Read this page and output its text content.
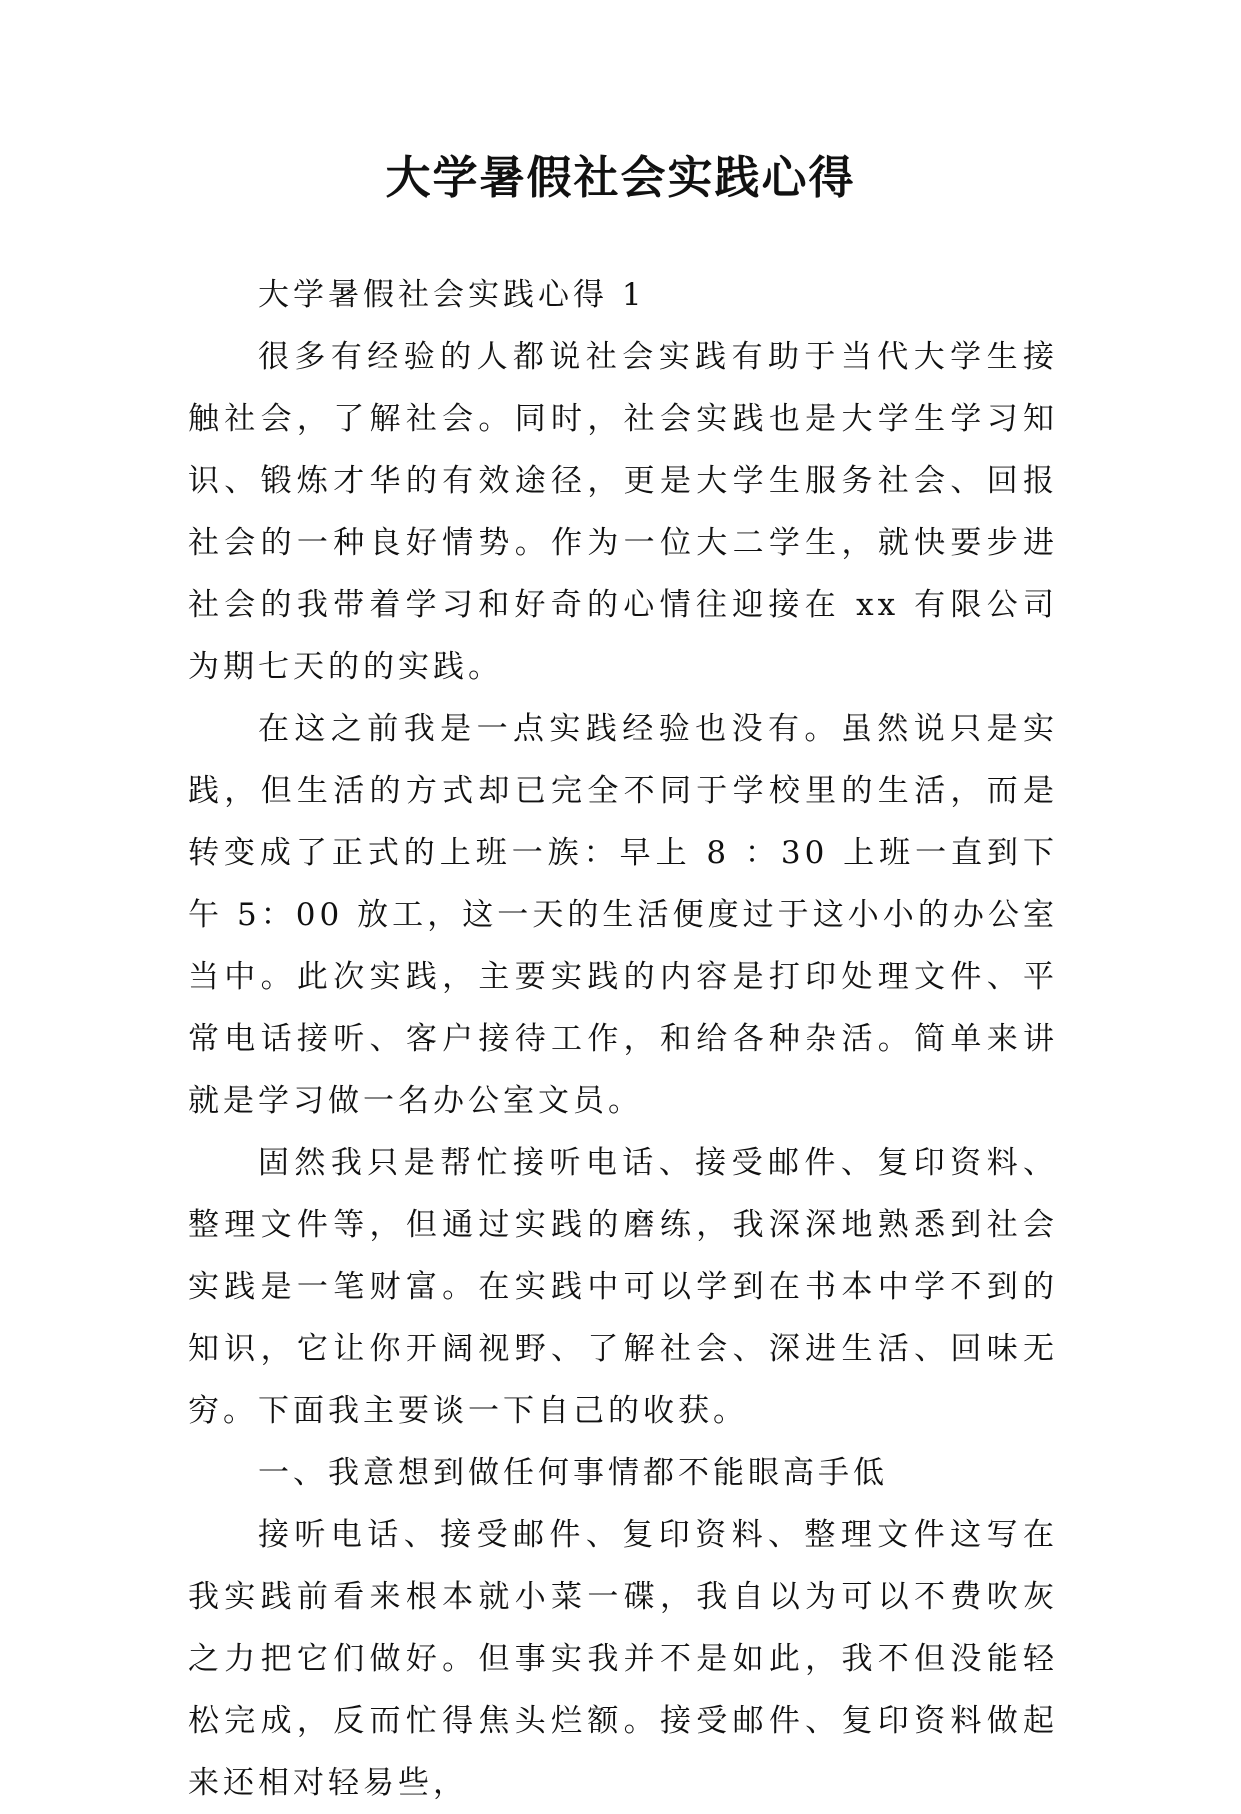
大学暑假社会实践心得

大学暑假社会实践心得 1

很多有经验的人都说社会实践有助于当代大学生接触社会，了解社会。同时，社会实践也是大学生学习知识、锻炼才华的有效途径，更是大学生服务社会、回报社会的一种良好情势。作为一位大二学生，就快要步进社会的我带着学习和好奇的心情往迎接在 xx 有限公司为期七天的的实践。

在这之前我是一点实践经验也没有。虽然说只是实践，但生活的方式却已完全不同于学校里的生活，而是转变成了正式的上班一族：早上 8 ：30 上班一直到下午 5：00 放工，这一天的生活便度过于这小小的办公室当中。此次实践，主要实践的内容是打印处理文件、平常电话接听、客户接待工作，和给各种杂活。简单来讲就是学习做一名办公室文员。

固然我只是帮忙接听电话、接受邮件、复印资料、整理文件等，但通过实践的磨练，我深深地熟悉到社会实践是一笔财富。在实践中可以学到在书本中学不到的知识，它让你开阔视野、了解社会、深进生活、回味无穷。下面我主要谈一下自己的收获。

一、我意想到做任何事情都不能眼高手低

接听电话、接受邮件、复印资料、整理文件这写在我实践前看来根本就小菜一碟，我自以为可以不费吹灰之力把它们做好。但事实我并不是如此，我不但没能轻松完成，反而忙得焦头烂额。接受邮件、复印资料做起来还相对轻易些，
